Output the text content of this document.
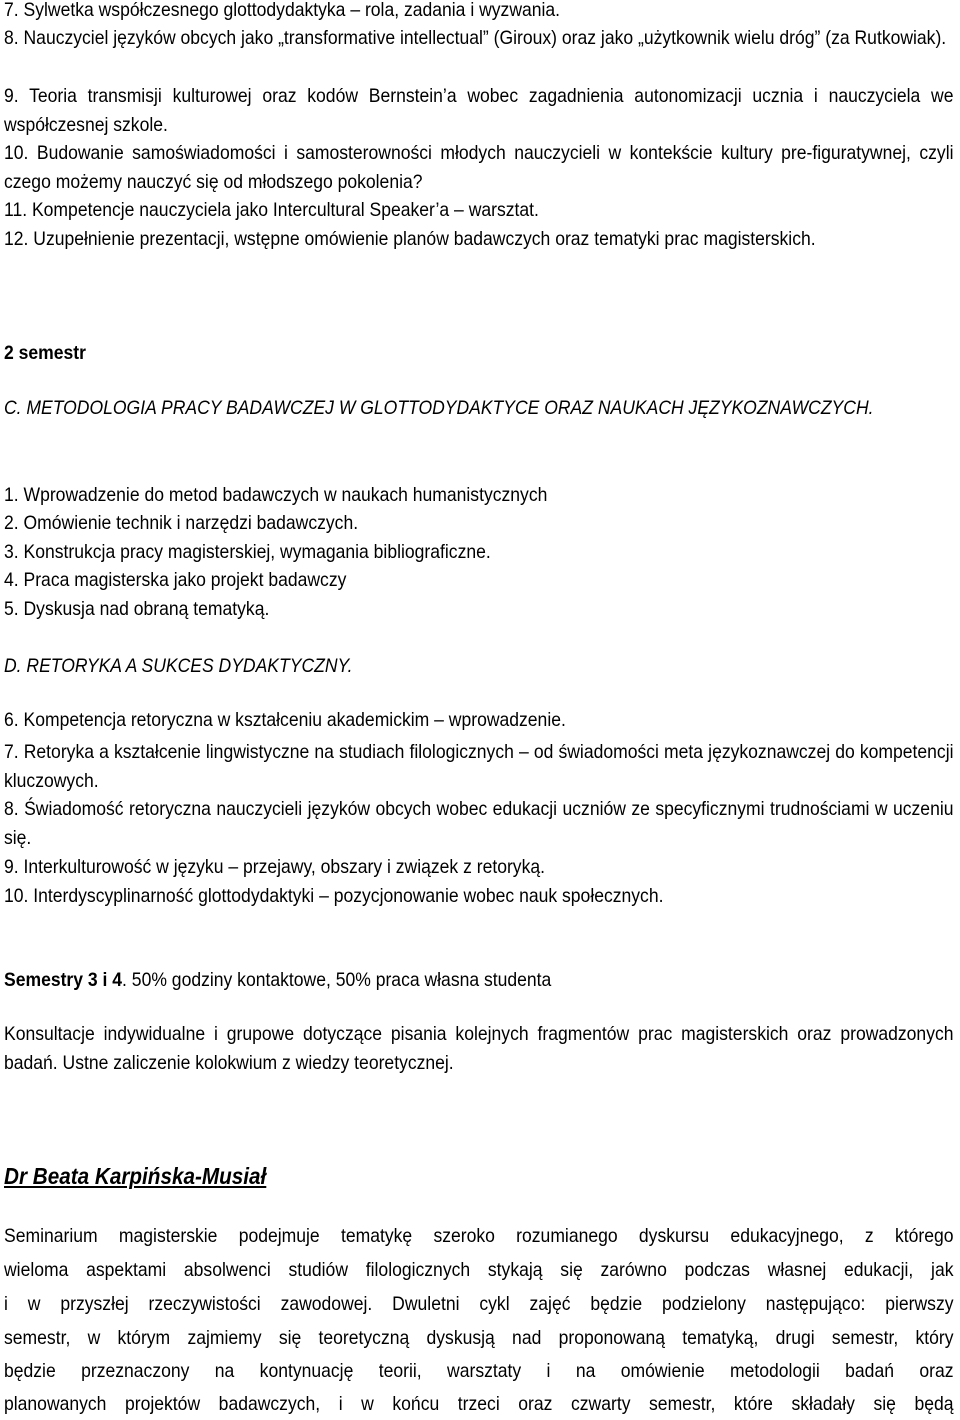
7. Sylwetka współczesnego glottodydaktyka – rola, zadania i wyzwania.

8. Nauczyciel języków obcych jako „transformative intellectual” (Giroux) oraz jako „użytkownik wielu dróg” (za Rutkowiak).

9. Teoria transmisji kulturowej oraz kodów Bernstein’a wobec zagadnienia autonomizacji ucznia i nauczyciela we współczesnej szkole.

10. Budowanie samoświadomości i samosterowności młodych nauczycieli w kontekście kultury pre-figuratywnej, czyli czego możemy nauczyć się od młodszego pokolenia?

11. Kompetencje nauczyciela jako Intercultural Speaker’a – warsztat.

12. Uzupełnienie prezentacji, wstępne omówienie planów badawczych oraz tematyki prac magisterskich.

2 semestr

C. METODOLOGIA PRACY BADAWCZEJ W GLOTTODYDAKTYCE ORAZ NAUKACH JĘZYKOZNAWCZYCH.

1. Wprowadzenie do metod badawczych w naukach humanistycznych

2. Omówienie technik i narzędzi badawczych.

3. Konstrukcja pracy magisterskiej, wymagania bibliograficzne.

4. Praca magisterska jako projekt badawczy

5. Dyskusja nad obraną tematyką.

D. RETORYKA A SUKCES DYDAKTYCZNY.

6. Kompetencja retoryczna w kształceniu akademickim – wprowadzenie.

7. Retoryka a kształcenie lingwistyczne na studiach filologicznych – od świadomości meta językoznawczej do kompetencji kluczowych.

8. Świadomość retoryczna nauczycieli języków obcych wobec edukacji uczniów ze specyficznymi trudnościami w uczeniu się.

9. Interkulturowość w języku – przejawy, obszary i związek z retoryką.

10. Interdyscyplinarność glottodydaktyki – pozycjonowanie wobec nauk społecznych.

Semestry 3 i 4. 50% godziny kontaktowe, 50% praca własna studenta

Konsultacje indywidualne i grupowe dotyczące pisania kolejnych fragmentów prac magisterskich oraz prowadzonych badań. Ustne zaliczenie kolokwium z wiedzy teoretycznej.

Dr Beata Karpińska-Musiał

Seminarium magisterskie podejmuje tematykę szeroko rozumianego dyskursu edukacyjnego, z którego

wieloma aspektami absolwenci studiów filologicznych stykają się zarówno podczas własnej edukacji, jak

i w przyszłej rzeczywistości zawodowej. Dwuletni cykl zajęć będzie podzielony następująco: pierwszy

semestr, w którym zajmiemy się teoretyczną dyskusją nad proponowaną tematyką, drugi semestr, który

będzie przeznaczony na kontynuację teorii, warsztaty i na omówienie metodologii badań oraz

planowanych projektów badawczych, i w końcu trzeci oraz czwarty semestr, które składały się będą
